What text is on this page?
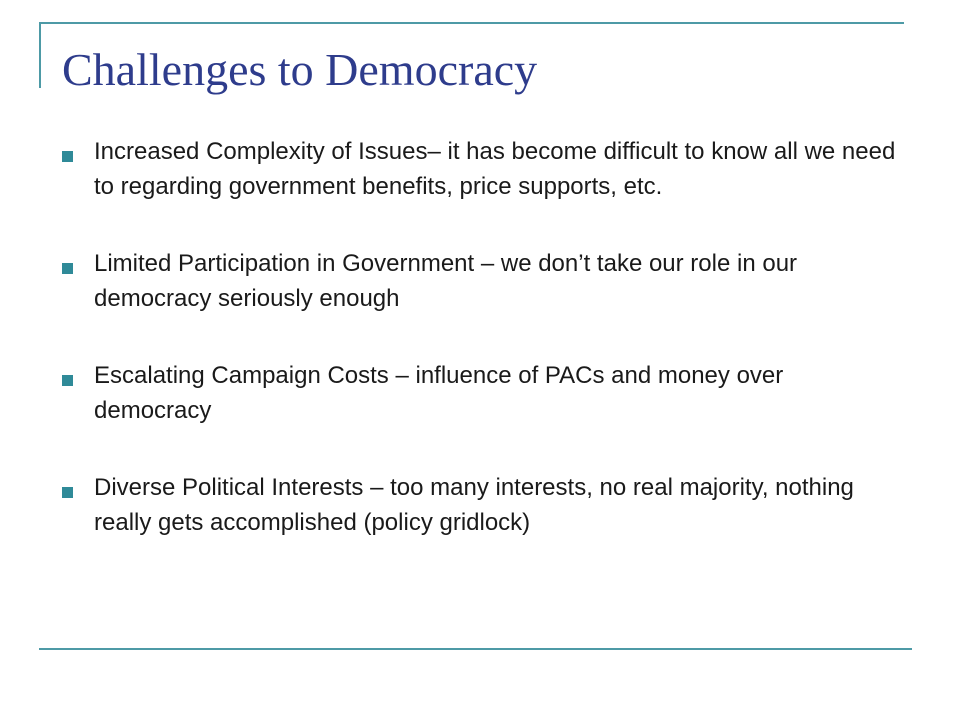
Challenges to Democracy
Increased Complexity of Issues– it has become difficult to know all we need to regarding government benefits, price supports, etc.
Limited Participation in Government – we don’t take our role in our democracy seriously enough
Escalating Campaign Costs – influence of PACs and money over democracy
Diverse Political Interests – too many interests, no real majority, nothing really gets accomplished (policy gridlock)
